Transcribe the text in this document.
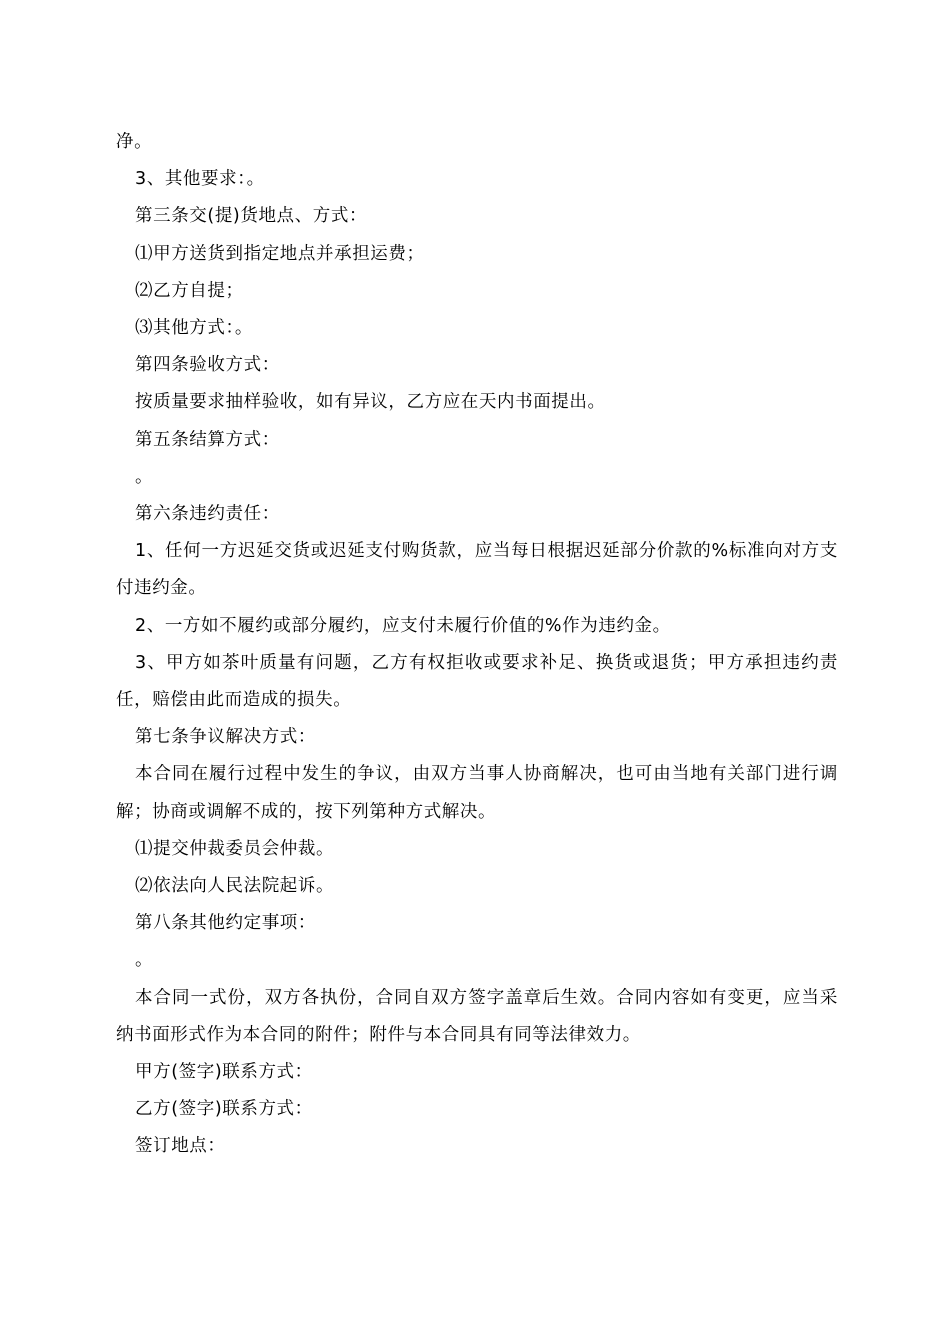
净。

3、其他要求：。

第三条交(提)货地点、方式：

⑴甲方送货到指定地点并承担运费；

⑵乙方自提；

⑶其他方式：。

第四条验收方式：

按质量要求抽样验收，如有异议，乙方应在天内书面提出。

第五条结算方式：

。

第六条违约责任：

1、任何一方迟延交货或迟延支付购货款，应当每日根据迟延部分价款的%标准向对方支付违约金。

2、一方如不履约或部分履约，应支付未履行价值的%作为违约金。

3、甲方如茶叶质量有问题，乙方有权拒收或要求补足、换货或退货；甲方承担违约责任，赔偿由此而造成的损失。

第七条争议解决方式：

本合同在履行过程中发生的争议，由双方当事人协商解决，也可由当地有关部门进行调解；协商或调解不成的，按下列第种方式解决。

⑴提交仲裁委员会仲裁。

⑵依法向人民法院起诉。

第八条其他约定事项：

。

本合同一式份，双方各执份，合同自双方签字盖章后生效。合同内容如有变更，应当采纳书面形式作为本合同的附件；附件与本合同具有同等法律效力。

甲方(签字)联系方式：

乙方(签字)联系方式：

签订地点：
